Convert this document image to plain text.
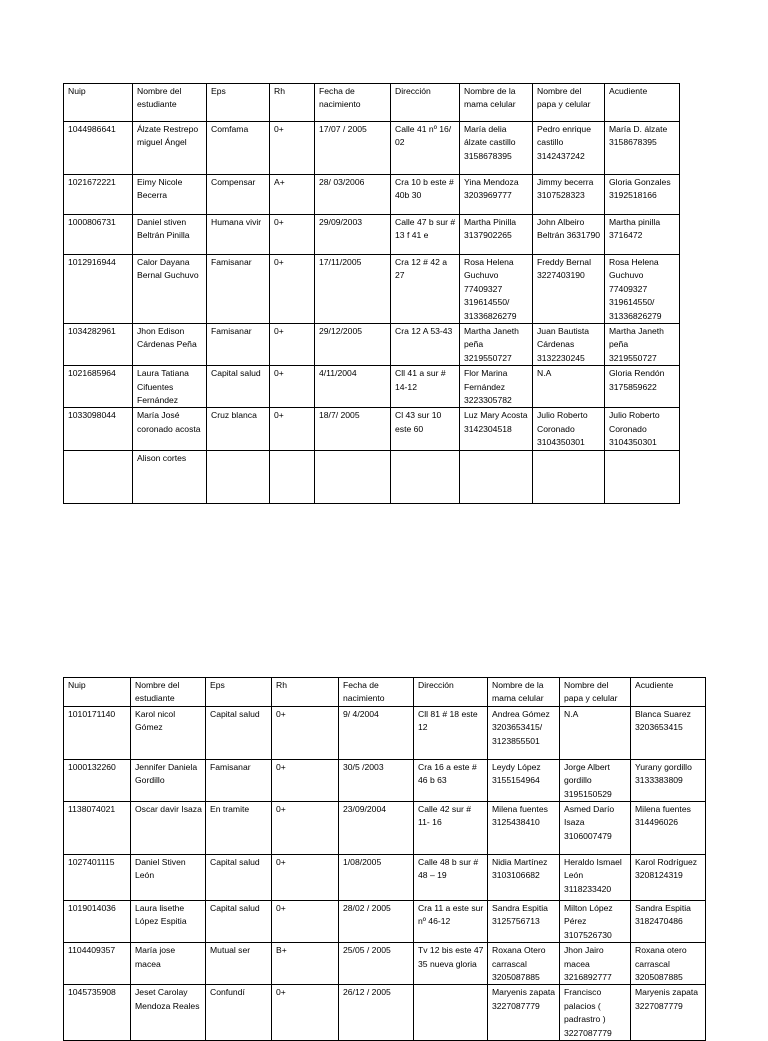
Nuip	Nombre del estudiante	Eps	Rh	Fecha de nacimiento	Dirección	Nombre de la mama celular	Nombre del papa y celular	Acudiente
1044986641	Álzate Restrepo miguel Ángel	Comfama	0+	17/07 / 2005	Calle 41 nº 16/ 02	María delia álzate castillo 3158678395	Pedro enrique castillo 3142437242	María D. álzate 3158678395
1021672221	Eimy Nicole Becerra	Compensar	A+	28/ 03/2006	Cra 10 b este # 40b 30	Yina Mendoza 3203969777	Jimmy becerra 3107528323	Gloria Gonzales 3192518166
1000806731	Daniel stiven Beltrán Pinilla	Humana vivir	0+	29/09/2003	Calle 47 b sur # 13 f 41 e	Martha Pinilla 3137902265	John Albeiro Beltrán 3631790	Martha pinilla 3716472
1012916944	Calor Dayana Bernal Guchuvo	Famisanar	0+	17/11/2005	Cra 12 # 42 a 27	Rosa Helena Guchuvo 77409327 319614550/ 31336826279	Freddy Bernal 3227403190	Rosa Helena Guchuvo 77409327 319614550/ 31336826279
1034282961	Jhon Edison Cárdenas Peña	Famisanar	0+	29/12/2005	Cra 12 A 53-43	Martha Janeth peña 3219550727	Juan Bautista Cárdenas 3132230245	Martha Janeth peña 3219550727
1021685964	Laura Tatiana Cifuentes Fernández	Capital salud	0+	4/11/2004	Cll 41 a sur # 14-12	Flor Marina Fernández 3223305782	N.A	Gloria Rendón 3175859622
1033098044	María José coronado acosta	Cruz blanca	0+	18/7/ 2005	Cl 43 sur 10 este 60	Luz Mary Acosta 3142304518	Julio Roberto Coronado 3104350301	Julio Roberto Coronado 3104350301
	Alison cortes							
Nuip	Nombre del estudiante	Eps	Rh	Fecha de nacimiento	Dirección	Nombre de la mama celular	Nombre del papa y celular	Acudiente
1010171140	Karol nicol Gómez	Capital salud	0+	9/ 4/2004	Cll 81 # 18 este 12	Andrea Gómez 3203653415/ 3123855501	N.A	Blanca Suarez 3203653415
1000132260	Jennifer Daniela Gordillo	Famisanar	0+	30/5 /2003	Cra 16 a este # 46 b 63	Leydy López 3155154964	Jorge Albert gordillo 3195150529	Yurany gordillo 3133383809
1138074021	Oscar davir Isaza	En tramite	0+	23/09/2004	Calle 42 sur # 11- 16	Milena fuentes 3125438410	Asmed Darío Isaza 3106007479	Milena fuentes 314496026
1027401115	Daniel Stiven León	Capital salud	0+	1/08/2005	Calle 48 b sur # 48 – 19	Nidia Martínez 3103106682	Heraldo Ismael León 3118233420	Karol Rodríguez 3208124319
1019014036	Laura lisethe López Espitia	Capital salud	0+	28/02 / 2005	Cra 11 a este sur nº 46-12	Sandra Espitia 3125756713	Milton López Pérez 3107526730	Sandra Espitia 3182470486
1104409357	María jose macea	Mutual ser	B+	25/05 / 2005	Tv 12 bis este 47 35 nueva gloria	Roxana Otero carrascal 3205087885	Jhon Jairo macea 3216892777	Roxana otero carrascal 3205087885
1045735908	Jeset Carolay Mendoza Reales	Confundí	0+	26/12 / 2005		Maryenis zapata 3227087779	Francisco palacios ( padrastro ) 3227087779	Maryenis zapata 3227087779
